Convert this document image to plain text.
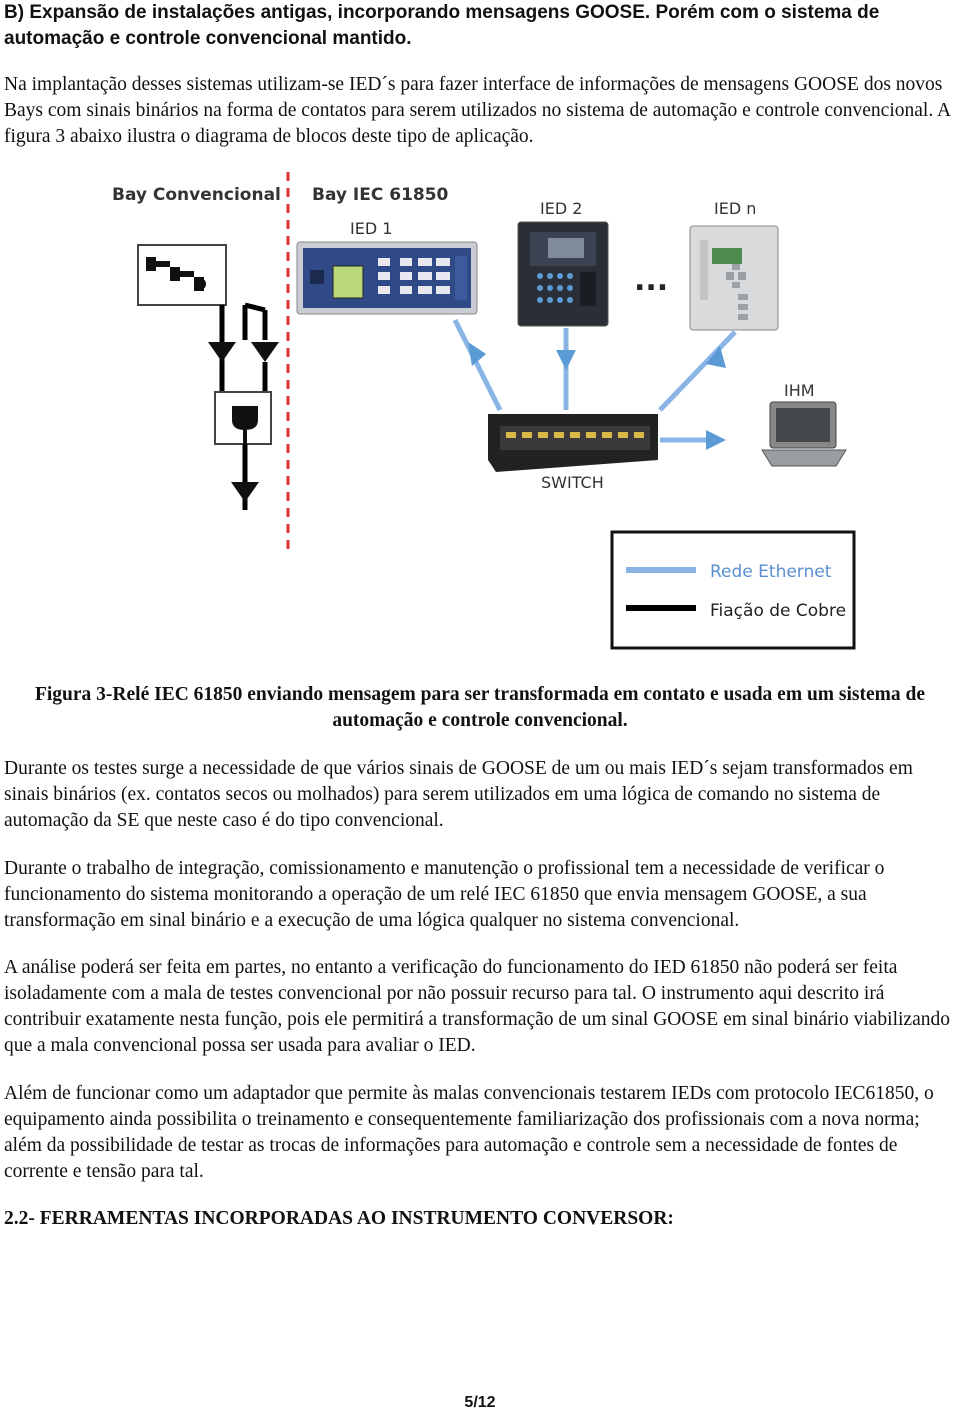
B) Expansão de instalações antigas, incorporando mensagens GOOSE. Porém com o sistema de automação e controle convencional mantido.
Na implantação desses sistemas utilizam-se IED´s para fazer interface de informações de mensagens GOOSE dos novos Bays com sinais binários na forma de contatos para serem utilizados no sistema de automação e controle convencional. A figura 3 abaixo ilustra o diagrama de blocos deste tipo de aplicação.
Bay Convencional Bay IEC 61850
IED 1
IED 2
...
IED n
IHM
SWITCH
Rede Ethernet
Fiação de Cobre
Figura 3-Relé IEC 61850 enviando mensagem para ser transformada em contato e usada em um sistema de automação e controle convencional.
Durante os testes surge a necessidade de que vários sinais de GOOSE de um ou mais IED´s sejam transformados em sinais binários (ex. contatos secos ou molhados) para serem utilizados em uma lógica de comando no sistema de automação da SE que neste caso é do tipo convencional.
Durante o trabalho de integração, comissionamento e manutenção o profissional tem a necessidade de verificar o funcionamento do sistema monitorando a operação de um relé IEC 61850 que envia mensagem GOOSE, a sua transformação em sinal binário e a execução de uma lógica qualquer no sistema convencional.
A análise poderá ser feita em partes, no entanto a verificação do funcionamento do IED 61850 não poderá ser feita isoladamente com a mala de testes convencional por não possuir recurso para tal. O instrumento aqui descrito irá contribuir exatamente nesta função, pois ele permitirá a transformação de um sinal GOOSE em sinal binário viabilizando que a mala convencional possa ser usada para avaliar o IED.
Além de funcionar como um adaptador que permite às malas convencionais testarem IEDs com protocolo IEC61850, o equipamento ainda possibilita o treinamento e consequentemente familiarização dos profissionais com a nova norma; além da possibilidade de testar as trocas de informações para automação e controle sem a necessidade de fontes de corrente e tensão para tal.
2.2- FERRAMENTAS INCORPORADAS AO INSTRUMENTO CONVERSOR:
5/12
